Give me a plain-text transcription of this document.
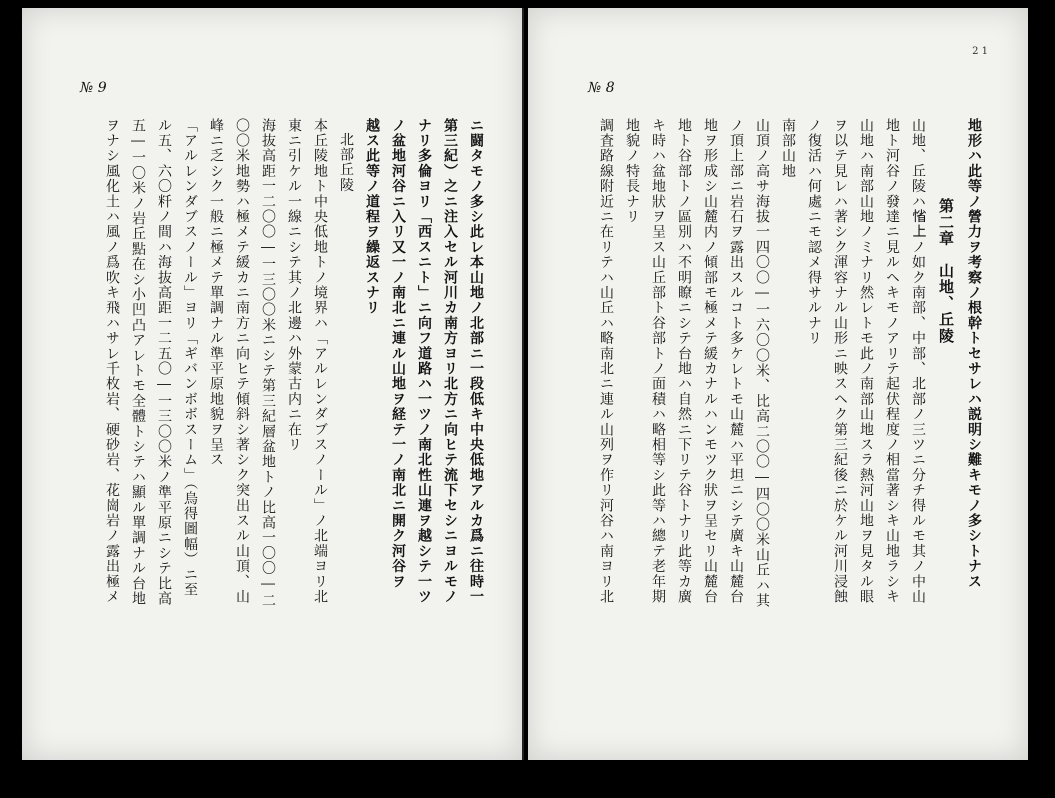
№ 9
ニ闘タモノ多シ此レ本山地ノ北部ニ一段低キ中央低地アルカ爲ニ往時一
第三紀）之ニ注入セル河川カ南方ヨリ北方ニ向ヒテ流下セシニヨルモノ
ナリ多倫ヨリ「西スニト」ニ向フ道路ハ一ツノ南北性山連ヲ越シテ一ツ
ノ盆地河谷ニ入リ又一ノ南北ニ連ル山地ヲ経テ一ノ南北ニ開ク河谷ヲ
越ス此等ノ道程ヲ繰返スナリ
北部丘陵
本丘陵地ト中央低地トノ境界ハ「アルレンダブスノール」ノ北端ヨリ北
東ニ引ケル一線ニシテ其ノ北邊ハ外蒙古内ニ在リ
海抜高距一二〇〇―一三〇〇米ニシテ第三紀層盆地トノ比高一〇〇―二
〇〇米地勢ハ極メテ緩カニ南方ニ向ヒテ傾斜シ著シク突出スル山頂、山
峰ニ乏シク一般ニ極メテ單調ナル準平原地貌ヲ呈ス
「アルレンダブスノール」ヨリ「ギバンボボスーム」（烏得圖幅）ニ至
ル五、六〇粁ノ間ハ海抜高距一二五〇―一三〇〇米ノ準平原ニシテ比高
五―一〇米ノ岩丘點在シ小凹凸アレトモ全體トシテハ顯ル單調ナル台地
ヲナシ風化土ハ風ノ爲吹キ飛ハサレ千枚岩、硬砂岩、花崗岩ノ露出極メ
2 1
№ 8
地形ハ此等ノ營力ヲ考察ノ根幹トセサレハ説明シ難キモノ多シトナス
第二章　山地、丘陵
山地、丘陵ハ𢜫上ノ如ク南部、中部、北部ノ三ツニ分チ得ルモ其ノ中山
地ト河谷ノ發達ニ見ルヘキモノアリテ起伏程度ノ相當著シキ山地ラシキ
山地ハ南部山地ノミナリ然レトモ此ノ南部山地スラ熱河山地ヲ見タル眼
ヲ以テ見レハ著シク渾容ナル山形ニ映スヘク第三紀後ニ於ケル河川浸蝕
ノ復活ハ何處ニモ認メ得サルナリ
南部山地
山頂ノ高サ海拔一四〇〇―一六〇〇米、比高二〇〇―四〇〇米山丘ハ其
ノ頂上部ニ岩石ヲ露出スルコト多ケレトモ山麓ハ平坦ニシテ廣キ山麓台
地ヲ形成シ山麓内ノ傾部モ極メテ緩カナルハンモツク狀ヲ呈セリ山麓台
地ト谷部トノ區別ハ不明瞭ニシテ台地ハ自然ニ下リテ谷トナリ此等カ廣
キ時ハ盆地狀ヲ呈ス山丘部ト谷部トノ面積ハ略相等シ此等ハ總テ老年期
地貌ノ特長ナリ
調査路線附近ニ在リテハ山丘ハ略南北ニ連ル山列ヲ作リ河谷ハ南ヨリ北
